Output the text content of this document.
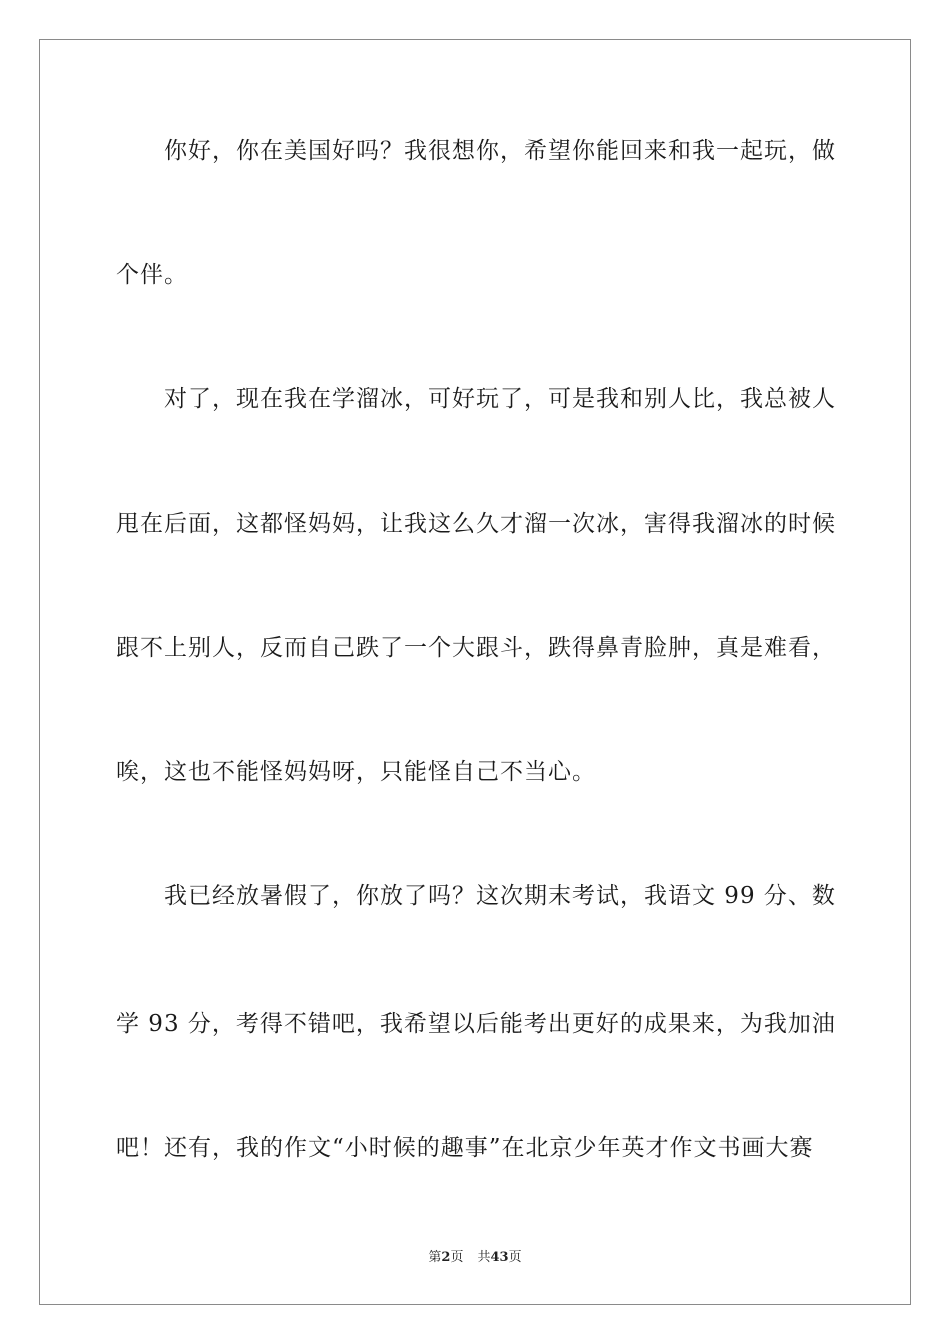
你好，你在美国好吗？我很想你，希望你能回来和我一起玩，做
个伴。
对了，现在我在学溜冰，可好玩了，可是我和别人比，我总被人
甩在后面，这都怪妈妈，让我这么久才溜一次冰，害得我溜冰的时候
跟不上别人，反而自己跌了一个大跟斗，跌得鼻青脸肿，真是难看，
唉，这也不能怪妈妈呀，只能怪自己不当心。
我已经放暑假了，你放了吗？这次期末考试，我语文 99 分、数
学 93 分，考得不错吧，我希望以后能考出更好的成果来，为我加油
吧！还有，我的作文“小时候的趣事”在北京少年英才作文书画大赛
第2页 共43页
